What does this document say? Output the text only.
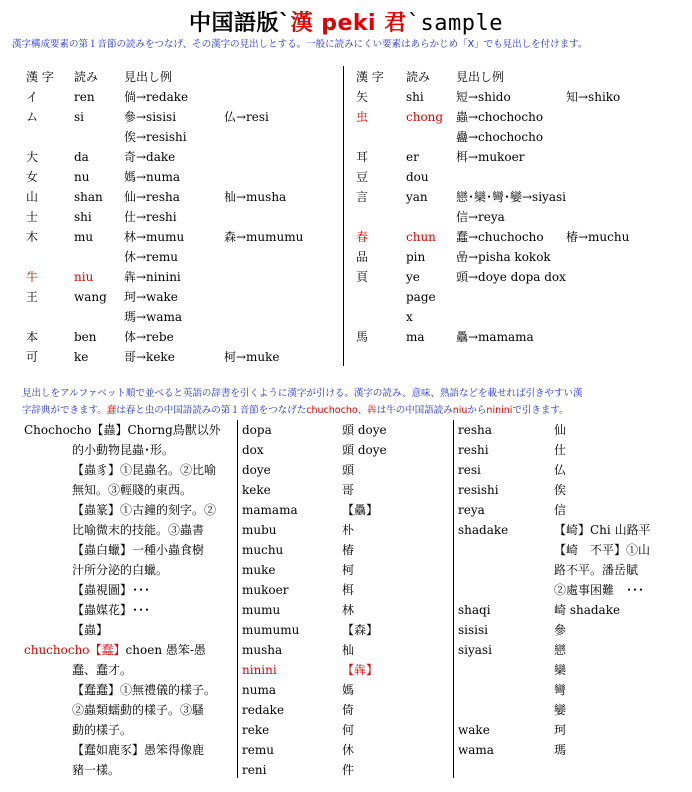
中国語版`漢 peki 君`sample
漢字構成要素の第１音節の読みをつなげ、その漢字の見出しとする。一般に読みにくい要素はあらかじめ「X」でも見出しを付けます。
漢 字 読み 見出し例
イ	ren 倘→redake
ム	si	參→sisisi	仏→resi
俟→resishi
大	da	奇→dake
女	nu	媽→numa
山	shan 仙→resha	杣→musha
士	shi	仕→reshi
木	mu	林→mumu	森→mumumu
休→remu
牛	niu	犇→ninini
王	wang 珂→wake
瑪→wama
本	ben 体→rebe
可	ke	哥→keke	柯→muke
漢 字 読み 見出し例
矢	shi	短→shido	知→shiko
虫	chong 蟲→chochocho
蠱→chochocho
耳	er	栮→mukoer
豆	dou
言	yan 戀･欒･彎･孌→siyasi
信→reya
春	chun 蠢→chuchocho 椿→muchu
品	pin	嵒→pisha kokok
頁	ye	頭→doye dopa dox
page
x
馬	ma	驫→mamama
見出しをアルファベット順で並べると英語の辞書を引くように漢字が引ける。漢字の読み、意味、熟語などを載せれば引きやすい漢
字辞典ができます。蠢は春と虫の中国語読みの第１音節をつなげたchuchocho、犇は牛の中国語読みniuからnininiで引きます。
Chochocho【蟲】Chorng鳥獸以外
的小動物昆蟲･形。
【蟲豸】①昆蟲名。②比喻
無知。③輕賤的東西。
【蟲篆】①古鐘的刻字。②
比喻微末的技能。③蟲書
【蟲白蠟】一種小蟲食樹
汁所分泌的白蠟。
【蟲視圖】･･･
【蟲媒花】･･･
【蟲】
chuchocho【蠢】choen 愚笨-愚
蠢、蠢才。
【蠢蠢】①無禮儀的樣子。
②蟲類蠕動的樣子。③騷
動的樣子。
【蠢如鹿豕】愚笨得像鹿
豬一樣。
dopa	頭 doye
dox	頭 doye
doye	頭
keke	哥
mamama	【驫】
mubu	朴
muchu	椿
muke	柯
mukoer	栮
mumu	林
mumumu	【森】
musha	杣
ninini	【犇】
numa	媽
redake	倚
reke	何
remu	休
reni	件
resha	仙
reshi	仕
resi	仏
resishi	俟
reya	信
shadake	【崎】Chi 山路平
【崎　不平】①山
路不平。潘岳賦
②處事困難　･･･
shaqi	崎 shadake
sisisi	參
siyasi	戀
欒
彎
孌
wake	珂
wama	瑪
